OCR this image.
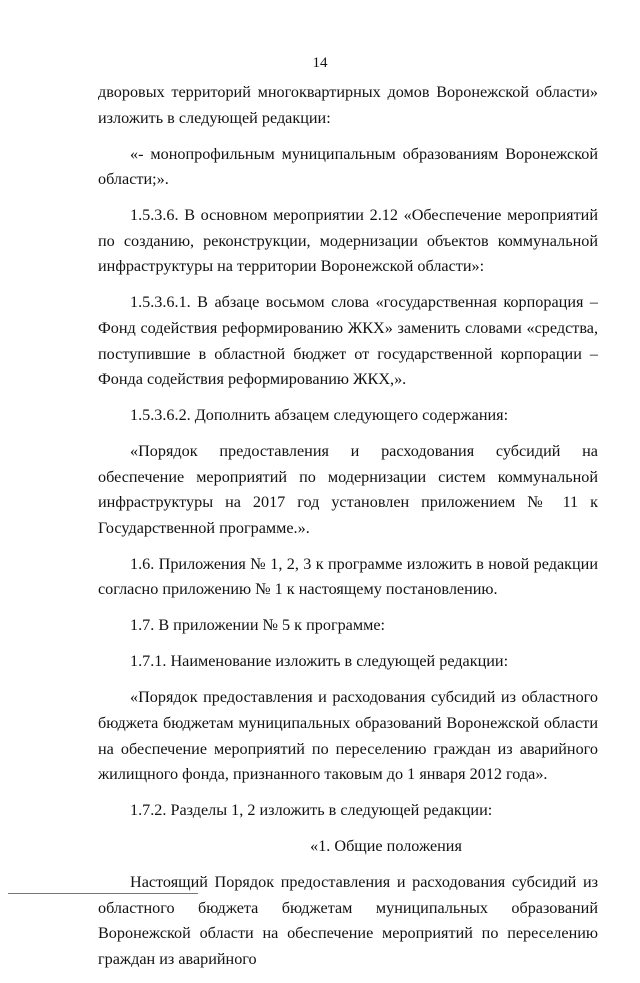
14

дворовых территорий многоквартирных домов Воронежской области» изложить в следующей редакции:

«- монопрофильным муниципальным образованиям Воронежской области;».

1.5.3.6. В основном мероприятии 2.12 «Обеспечение мероприятий по созданию, реконструкции, модернизации объектов коммунальной инфраструктуры на территории Воронежской области»:

1.5.3.6.1. В абзаце восьмом слова «государственная корпорация – Фонд содействия реформированию ЖКХ» заменить словами «средства, поступившие в областной бюджет от государственной корпорации – Фонда содействия реформированию ЖКХ,».

1.5.3.6.2. Дополнить абзацем следующего содержания:

«Порядок предоставления и расходования субсидий на обеспечение мероприятий по модернизации систем коммунальной инфраструктуры на 2017 год установлен приложением № 11 к Государственной программе.».

1.6. Приложения № 1, 2, 3 к программе изложить в новой редакции согласно приложению № 1 к настоящему постановлению.

1.7. В приложении № 5 к программе:

1.7.1. Наименование изложить в следующей редакции:

«Порядок предоставления и расходования субсидий из областного бюджета бюджетам муниципальных образований Воронежской области на обеспечение мероприятий по переселению граждан из аварийного жилищного фонда, признанного таковым до 1 января 2012 года».

1.7.2. Разделы 1, 2 изложить в следующей редакции:

«1. Общие положения

Настоящий Порядок предоставления и расходования субсидий из областного бюджета бюджетам муниципальных образований Воронежской области на обеспечение мероприятий по переселению граждан из аварийного
